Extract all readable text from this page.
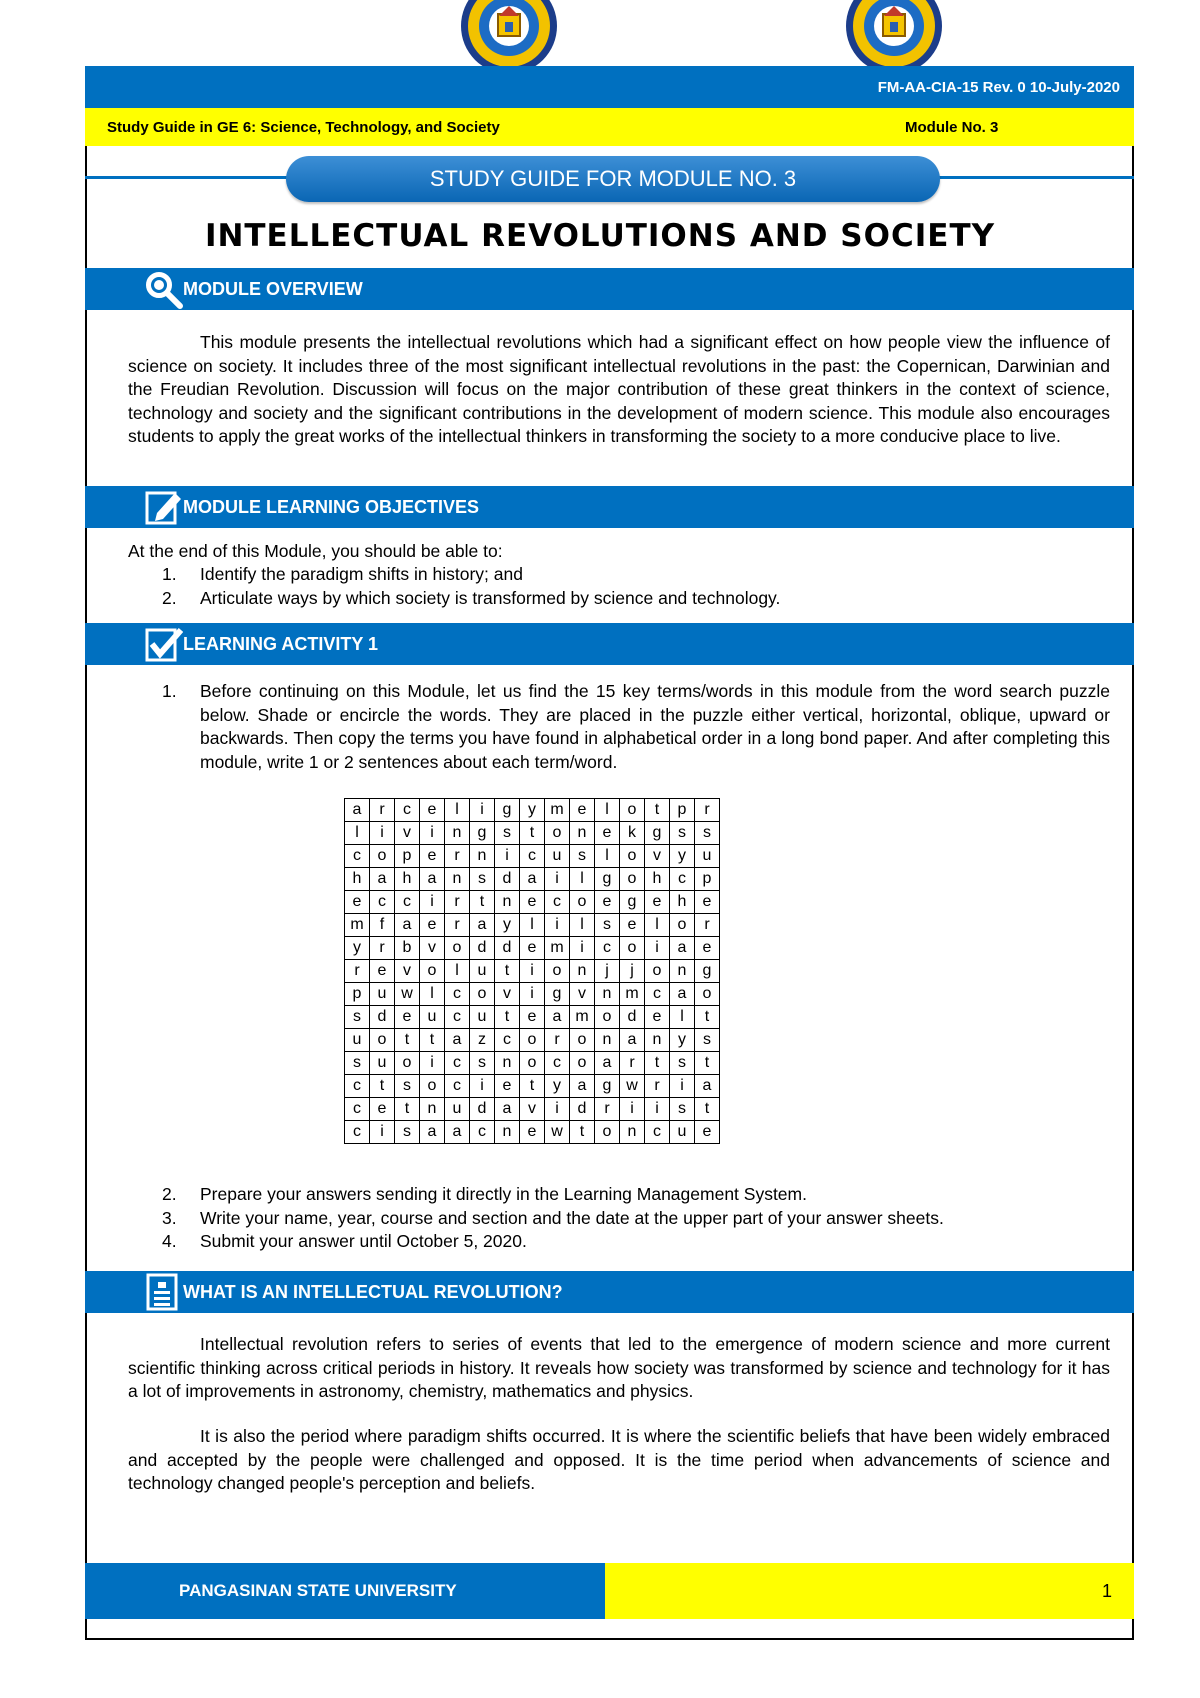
FM-AA-CIA-15 Rev. 0 10-July-2020
Study Guide in GE 6: Science, Technology, and Society	Module No. 3
STUDY GUIDE FOR MODULE NO. 3
INTELLECTUAL REVOLUTIONS AND SOCIETY
MODULE OVERVIEW

This module presents the intellectual revolutions which had a significant effect on how people view the influence of science on society. It includes three of the most significant intellectual revolutions in the past: the Copernican, Darwinian and the Freudian Revolution. Discussion will focus on the major contribution of these great thinkers in the context of science, technology and society and the significant contributions in the development of modern science. This module also encourages students to apply the great works of the intellectual thinkers in transforming the society to a more conducive place to live.

MODULE LEARNING OBJECTIVES

At the end of this Module, you should be able to:

1. Identify the paradigm shifts in history; and
2. Articulate ways by which society is transformed by science and technology.
LEARNING ACTIVITY 1
1. Before continuing on this Module, let us find the 15 key terms/words in this module from the word search puzzle below. Shade or encircle the words. They are placed in the puzzle either vertical, horizontal, oblique, upward or backwards. Then copy the terms you have found in alphabetical order in a long bond paper. And after completing this module, write 1 or 2 sentences about each term/word.
a	r	c	e	l	i	g	y	m	e	l	o	t	p	r
l	i	v	i	n	g	s	t	o	n	e	k	g	s	s
c	o	p	e	r	n	i	c	u	s	l	o	v	y	u
h	a	h	a	n	s	d	a	i	l	g	o	h	c	p
e	c	c	i	r	t	n	e	c	o	e	g	e	h	e
m	f	a	e	r	a	y	l	i	l	s	e	l	o	r
y	r	b	v	o	d	d	e	m	i	c	o	i	a	e
r	e	v	o	l	u	t	i	o	n	j	j	o	n	g
p	u	w	l	c	o	v	i	g	v	n	m	c	a	o
s	d	e	u	c	u	t	e	a	m	o	d	e	l	t
u	o	t	t	a	z	c	o	r	o	n	a	n	y	s
s	u	o	i	c	s	n	o	c	o	a	r	t	s	t
c	t	s	o	c	i	e	t	y	a	g	w	r	i	a
c	e	t	n	u	d	a	v	i	d	r	i	i	s	t
c	i	s	a	a	c	n	e	w	t	o	n	c	u	e
2. Prepare your answers sending it directly in the Learning Management System.
3. Write your name, year, course and section and the date at the upper part of your answer sheets.
4. Submit your answer until October 5, 2020.
WHAT IS AN INTELLECTUAL REVOLUTION?

Intellectual revolution refers to series of events that led to the emergence of modern science and more current scientific thinking across critical periods in history. It reveals how society was transformed by science and technology for it has a lot of improvements in astronomy, chemistry, mathematics and physics.

It is also the period where paradigm shifts occurred. It is where the scientific beliefs that have been widely embraced and accepted by the people were challenged and opposed. It is the time period when advancements of science and technology changed people's perception and beliefs.

PANGASINAN STATE UNIVERSITY	1
